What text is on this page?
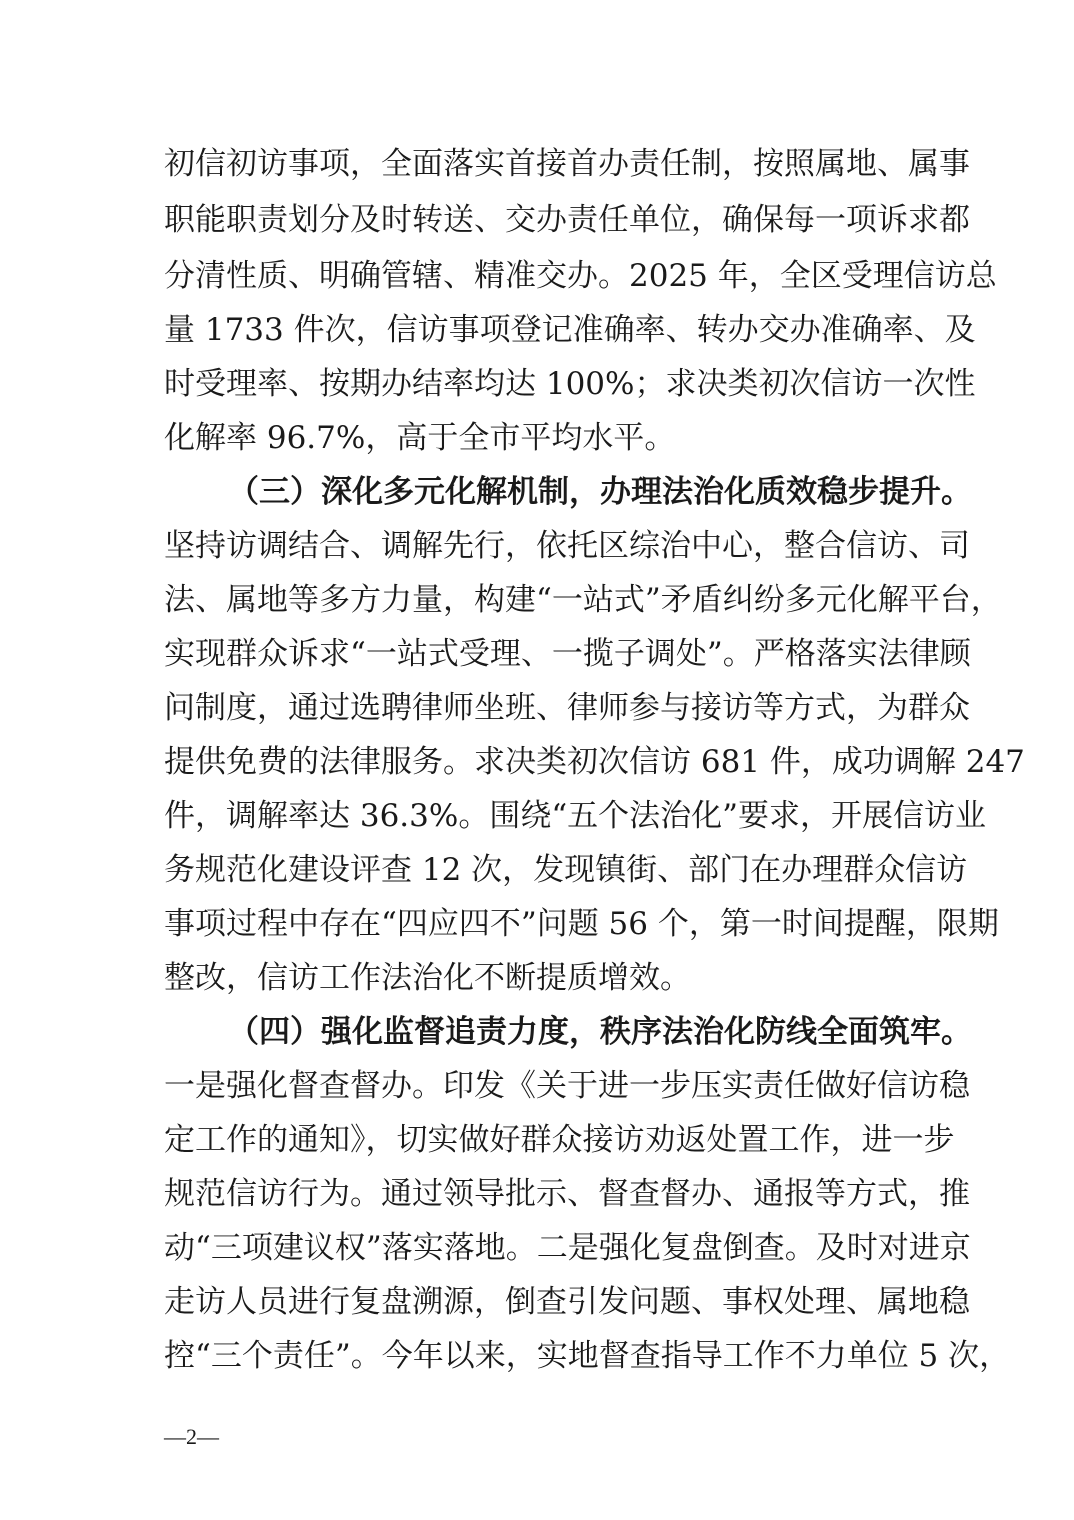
初信初访事项，全面落实首接首办责任制，按照属地、属事
职能职责划分及时转送、交办责任单位，确保每一项诉求都
分清性质、明确管辖、精准交办。2025 年，全区受理信访总
量 1733 件次，信访事项登记准确率、转办交办准确率、及
时受理率、按期办结率均达 100%；求决类初次信访一次性
化解率 96.7%，高于全市平均水平。
（三）深化多元化解机制，办理法治化质效稳步提升。
坚持访调结合、调解先行，依托区综治中心，整合信访、司
法、属地等多方力量，构建“一站式”矛盾纠纷多元化解平台，
实现群众诉求“一站式受理、一揽子调处”。严格落实法律顾
问制度，通过选聘律师坐班、律师参与接访等方式，为群众
提供免费的法律服务。求决类初次信访 681 件，成功调解 247
件，调解率达 36.3%。围绕“五个法治化”要求，开展信访业
务规范化建设评查 12 次，发现镇街、部门在办理群众信访
事项过程中存在“四应四不”问题 56 个，第一时间提醒，限期
整改，信访工作法治化不断提质增效。
（四）强化监督追责力度，秩序法治化防线全面筑牢。
一是强化督查督办。印发《关于进一步压实责任做好信访稳
定工作的通知》，切实做好群众接访劝返处置工作，进一步
规范信访行为。通过领导批示、督查督办、通报等方式，推
动“三项建议权”落实落地。二是强化复盘倒查。及时对进京
走访人员进行复盘溯源，倒查引发问题、事权处理、属地稳
控“三个责任”。今年以来，实地督查指导工作不力单位 5 次，
—2—
